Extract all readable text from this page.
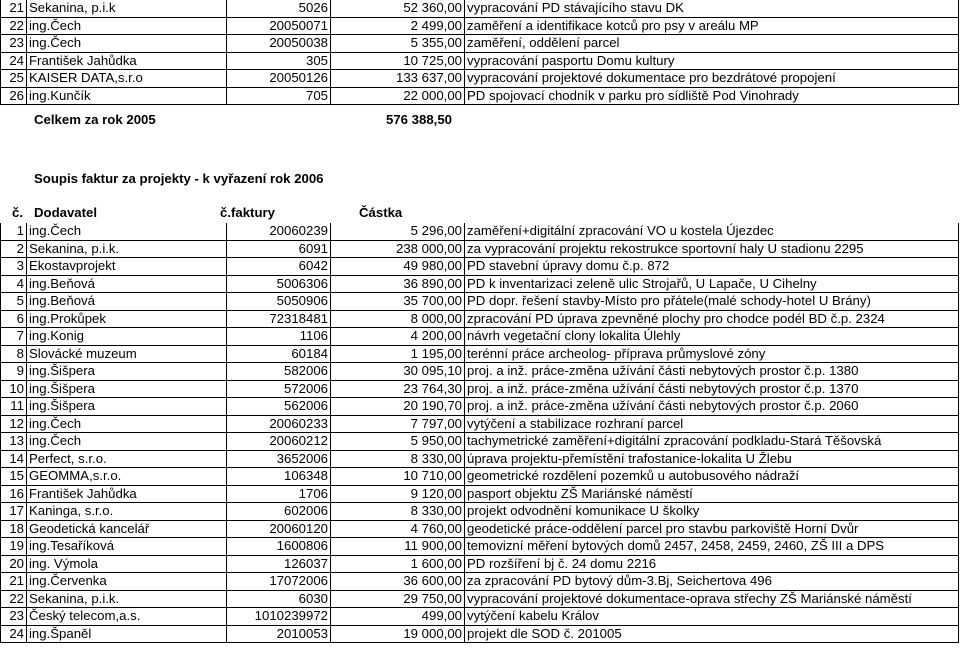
21	Sekanina, p.i.k	5026	52 360,00	vypracování PD stávajícího stavu DK
22	ing.Čech	20050071	2 499,00	zaměření a identifikace kotců pro psy v areálu MP
23	ing.Čech	20050038	5 355,00	zaměření, oddělení parcel
24	František Jahůdka	305	10 725,00	vypracování pasportu Domu kultury
25	KAISER DATA,s.r.o	20050126	133 637,00	vypracování projektové dokumentace pro bezdrátové propojení
26	ing.Kunčík	705	22 000,00	PD spojovací chodník v parku pro sídliště Pod Vinohrady
Celkem za rok 2005	576 388,50
Soupis faktur za projekty - k vyřazení rok 2006
č. Dodavatel	č.faktury	Částka
1	ing.Čech	20060239	5 296,00	zaměření+digitální zpracování VO u kostela Újezdec
2	Sekanina, p.i.k.	6091	238 000,00	za vypracování projektu rekostrukce sportovní haly U stadionu 2295
3	Ekostavprojekt	6042	49 980,00	PD stavební úpravy domu č.p. 872
4	ing.Beňová	5006306	36 890,00	PD k inventarizaci zeleně ulic Strojařů, U Lapače, U Cihelny
5	ing.Beňová	5050906	35 700,00	PD dopr. řešení stavby-Místo pro přátele(malé schody-hotel U Brány)
6	ing.Prokůpek	72318481	8 000,00	zpracování PD úprava zpevněné plochy pro chodce podél BD č.p. 2324
7	ing.Konig	1106	4 200,00	návrh vegetační clony lokalita Úlehly
8	Slovácké muzeum	60184	1 195,00	terénní práce archeolog- příprava průmyslové zóny
9	ing.Šišpera	582006	30 095,10	proj. a inž. práce-změna užívání části nebytových prostor č.p. 1380
10	ing.Šišpera	572006	23 764,30	proj. a inž. práce-změna užívání části nebytových prostor č.p. 1370
11	ing.Šišpera	562006	20 190,70	proj. a inž. práce-změna užívání části nebytových prostor č.p. 2060
12	ing.Čech	20060233	7 797,00	vytýčení a stabilizace rozhraní parcel
13	ing.Čech	20060212	5 950,00	tachymetrické zaměření+digitální zpracování podkladu-Stará Těšovská
14	Perfect, s.r.o.	3652006	8 330,00	úprava projektu-přemístění trafostanice-lokalita U Žlebu
15	GEOMMA,s.r.o.	106348	10 710,00	geometrické rozdělení pozemků u autobusového nádraží
16	František Jahůdka	1706	9 120,00	pasport objektu ZŠ Mariánské náměstí
17	Kaninga, s.r.o.	602006	8 330,00	projekt odvodnění komunikace U školky
18	Geodetická kancelář	20060120	4 760,00	geodetické práce-oddělení parcel pro stavbu parkoviště Horní Dvůr
19	ing.Tesaříková	1600806	11 900,00	temovizní měření bytových domů 2457, 2458, 2459, 2460, ZŠ III a DPS
20	ing. Výmola	126037	1 600,00	PD rozšíření bj č. 24 domu 2216
21	ing.Červenka	17072006	36 600,00	za zpracování PD bytový dům-3.Bj, Seichertova 496
22	Sekanina, p.i.k.	6030	29 750,00	vypracování projektové dokumentace-oprava střechy ZŠ Mariánské náměstí
23	Český telecom,a.s.	1010239972	499,00	vytýčení kabelu Králov
24	ing.Španěl	2010053	19 000,00	projekt dle SOD č. 201005
